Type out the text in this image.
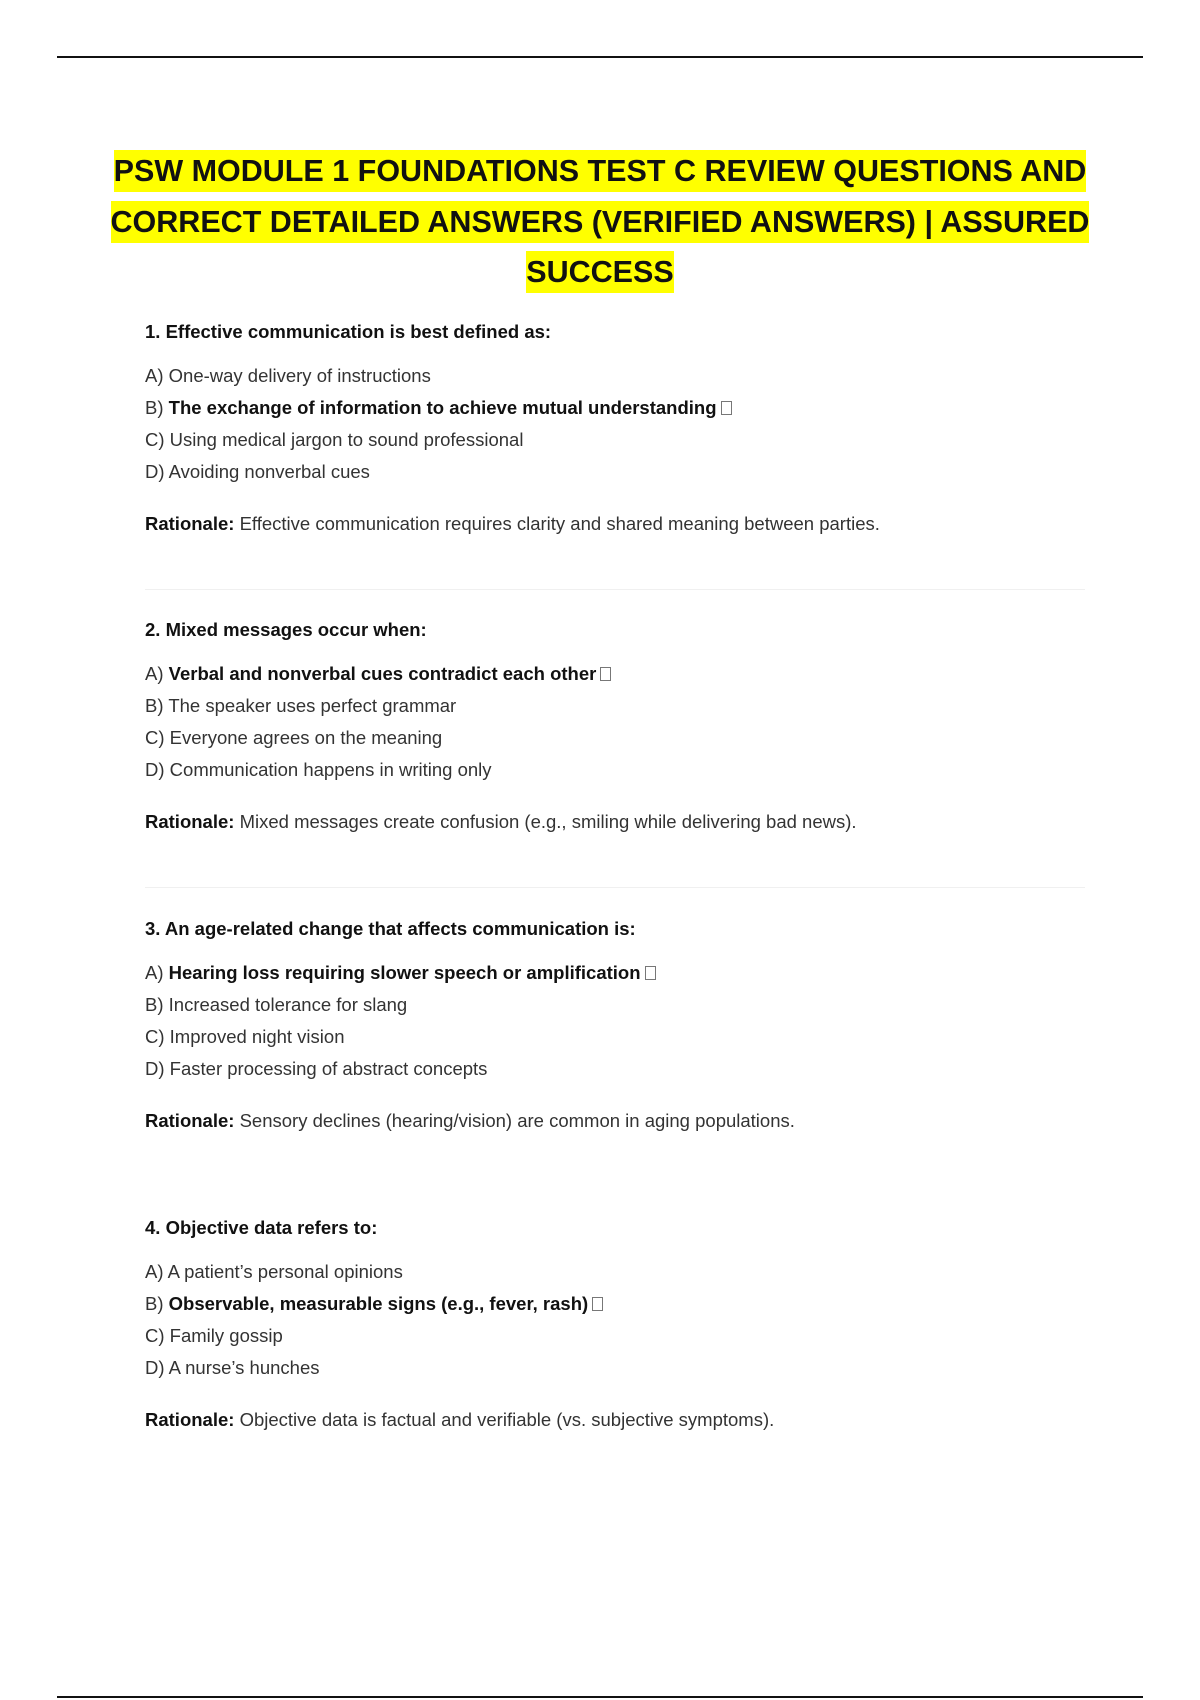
PSW MODULE 1 FOUNDATIONS TEST C REVIEW QUESTIONS AND CORRECT DETAILED ANSWERS (VERIFIED ANSWERS) | ASSURED SUCCESS
1. Effective communication is best defined as:
A) One-way delivery of instructions
B) The exchange of information to achieve mutual understanding
C) Using medical jargon to sound professional
D) Avoiding nonverbal cues
Rationale: Effective communication requires clarity and shared meaning between parties.
2. Mixed messages occur when:
A) Verbal and nonverbal cues contradict each other
B) The speaker uses perfect grammar
C) Everyone agrees on the meaning
D) Communication happens in writing only
Rationale: Mixed messages create confusion (e.g., smiling while delivering bad news).
3. An age-related change that affects communication is:
A) Hearing loss requiring slower speech or amplification
B) Increased tolerance for slang
C) Improved night vision
D) Faster processing of abstract concepts
Rationale: Sensory declines (hearing/vision) are common in aging populations.
4. Objective data refers to:
A) A patient’s personal opinions
B) Observable, measurable signs (e.g., fever, rash)
C) Family gossip
D) A nurse’s hunches
Rationale: Objective data is factual and verifiable (vs. subjective symptoms).
